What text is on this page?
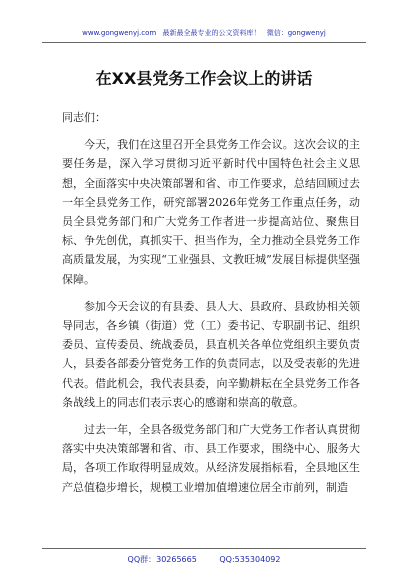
www.gongwenyj.com 最新最全最专业的公文资料库！ 微信：gongwenyj
在XX县党务工作会议上的讲话

同志们：

今天，我们在这里召开全县党务工作会议。这次会议的主要任务是，深入学习贯彻习近平新时代中国特色社会主义思想，全面落实中央决策部署和省、市工作要求，总结回顾过去一年全县党务工作，研究部署2026年党务工作重点任务，动员全县党务部门和广大党务工作者进一步提高站位、聚焦目标、争先创优，真抓实干、担当作为，全力推动全县党务工作高质量发展，为实现“工业强县、文教旺城”发展目标提供坚强保障。

参加今天会议的有县委、县人大、县政府、县政协相关领导同志，各乡镇（街道）党（工）委书记、专职副书记、组织委员、宣传委员、统战委员，县直机关各单位党组织主要负责人，县委各部委分管党务工作的负责同志，以及受表彰的先进代表。借此机会，我代表县委，向辛勤耕耘在全县党务工作各条战线上的同志们表示衷心的感谢和崇高的敬意。

过去一年，全县各级党务部门和广大党务工作者认真贯彻落实中央决策部署和省、市、县工作要求，围绕中心、服务大局，各项工作取得明显成效。从经济发展指标看，全县地区生产总值稳步增长，规模工业增加值增速位居全市前列，制造

QQ群：30265665	QQ:535304092
